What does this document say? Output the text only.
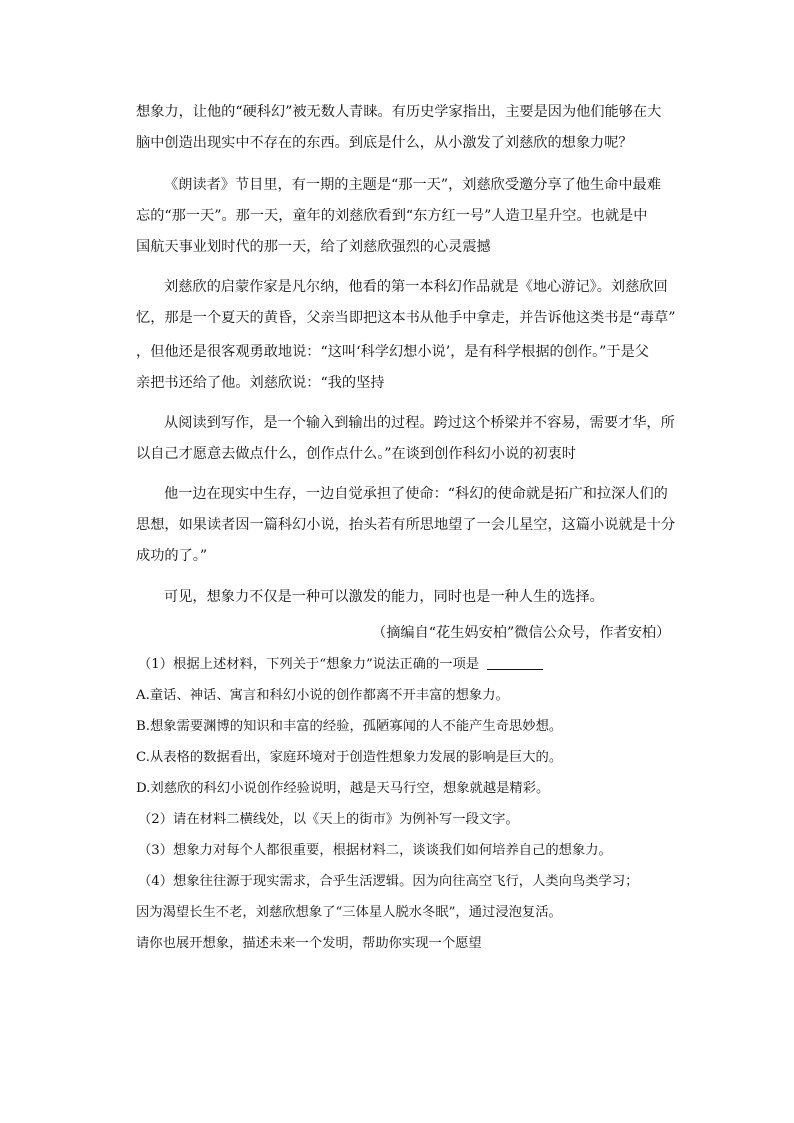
想象力，让他的“硬科幻”被无数人青睐。有历史学家指出，主要是因为他们能够在大
脑中创造出现实中不存在的东西。到底是什么，从小激发了刘慈欣的想象力呢？
《朗读者》节目里，有一期的主题是“那一天”，刘慈欣受邀分享了他生命中最难
忘的“那一天”。那一天，童年的刘慈欣看到“东方红一号”人造卫星升空。也就是中
国航天事业划时代的那一天，给了刘慈欣强烈的心灵震撼
刘慈欣的启蒙作家是凡尔纳，他看的第一本科幻作品就是《地心游记》。刘慈欣回
忆，那是一个夏天的黄昏，父亲当即把这本书从他手中拿走，并告诉他这类书是“毒草”
，但他还是很客观勇敢地说：“这叫‘科学幻想小说’，是有科学根据的创作。”于是父
亲把书还给了他。刘慈欣说：“我的坚持
从阅读到写作，是一个输入到输出的过程。跨过这个桥梁并不容易，需要才华，所
以自己才愿意去做点什么，创作点什么。”在谈到创作科幻小说的初衷时
他一边在现实中生存，一边自觉承担了使命：“科幻的使命就是拓广和拉深人们的
思想，如果读者因一篇科幻小说，抬头若有所思地望了一会儿星空，这篇小说就是十分
成功的了。”
可见，想象力不仅是一种可以激发的能力，同时也是一种人生的选择。
（摘编自“花生妈安柏”微信公众号，作者安柏）
（1）根据上述材料，下列关于“想象力”说法正确的一项是
A.童话、神话、寓言和科幻小说的创作都离不开丰富的想象力。
B.想象需要渊博的知识和丰富的经验，孤陋寡闻的人不能产生奇思妙想。
C.从表格的数据看出，家庭环境对于创造性想象力发展的影响是巨大的。
D.刘慈欣的科幻小说创作经验说明，越是天马行空，想象就越是精彩。
（2）请在材料二横线处，以《天上的街市》为例补写一段文字。
（3）想象力对每个人都很重要，根据材料二，谈谈我们如何培养自己的想象力。
（4）想象往往源于现实需求，合乎生活逻辑。因为向往高空飞行，人类向鸟类学习；
因为渴望长生不老，刘慈欣想象了“三体星人脱水冬眠”，通过浸泡复活。
请你也展开想象，描述未来一个发明，帮助你实现一个愿望
